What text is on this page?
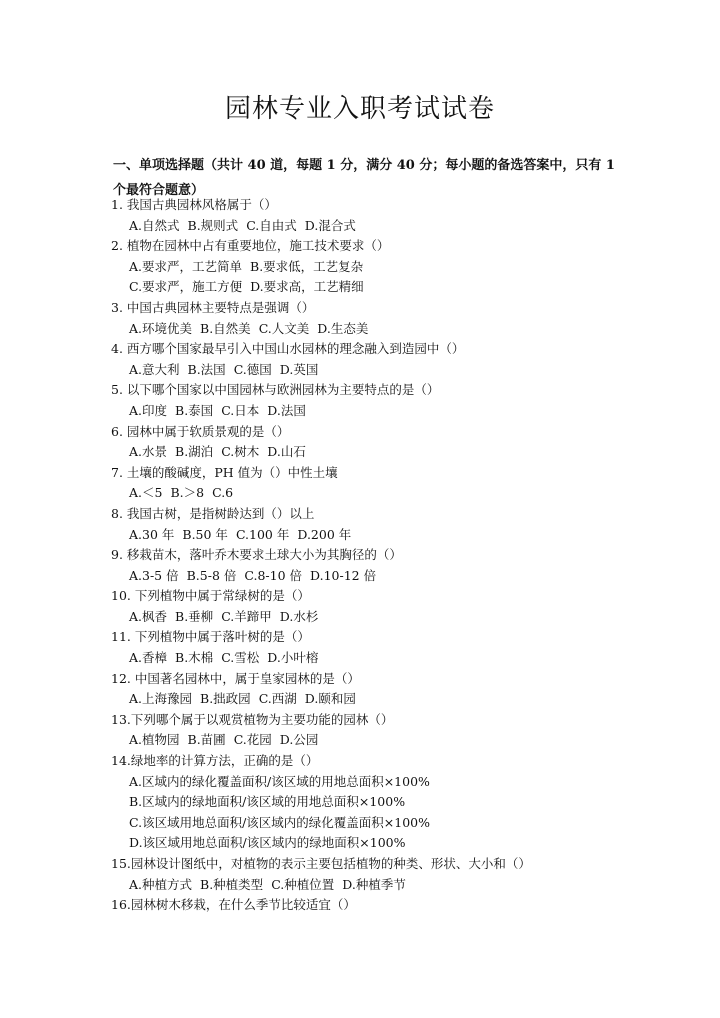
园林专业入职考试试卷
一、单项选择题（共计 40 道，每题 1 分，满分 40 分；每小题的备选答案中，只有 1 个最符合题意）
1. 我国古典园林风格属于（）
A.自然式 B.规则式 C.自由式 D.混合式
2. 植物在园林中占有重要地位，施工技术要求（）
A.要求严，工艺简单 B.要求低，工艺复杂
C.要求严，施工方便 D.要求高，工艺精细
3. 中国古典园林主要特点是强调（）
A.环境优美 B.自然美 C.人文美 D.生态美
4. 西方哪个国家最早引入中国山水园林的理念融入到造园中（）
A.意大利 B.法国 C.德国 D.英国
5. 以下哪个国家以中国园林与欧洲园林为主要特点的是（）
A.印度 B.泰国 C.日本 D.法国
6. 园林中属于软质景观的是（）
A.水景 B.湖泊 C.树木 D.山石
7. 土壤的酸碱度，PH 值为（）中性土壤
A.＜5 B.＞8 C.6
8. 我国古树，是指树龄达到（）以上
A.30 年 B.50 年 C.100 年 D.200 年
9. 移栽苗木，落叶乔木要求土球大小为其胸径的（）
A.3-5 倍 B.5-8 倍 C.8-10 倍 D.10-12 倍
10. 下列植物中属于常绿树的是（）
A.枫香 B.垂柳 C.羊蹄甲 D.水杉
11. 下列植物中属于落叶树的是（）
A.香樟 B.木棉 C.雪松 D.小叶榕
12. 中国著名园林中，属于皇家园林的是（）
A.上海豫园 B.拙政园 C.西湖 D.颐和园
13.下列哪个属于以观赏植物为主要功能的园林（）
A.植物园 B.苗圃 C.花园 D.公园
14.绿地率的计算方法，正确的是（）
A.区域内的绿化覆盖面积/该区域的用地总面积×100%
B.区域内的绿地面积/该区域的用地总面积×100%
C.该区域用地总面积/该区域内的绿化覆盖面积×100%
D.该区域用地总面积/该区域内的绿地面积×100%
15.园林设计图纸中，对植物的表示主要包括植物的种类、形状、大小和（）
A.种植方式 B.种植类型 C.种植位置 D.种植季节
16.园林树木移栽，在什么季节比较适宜（）
